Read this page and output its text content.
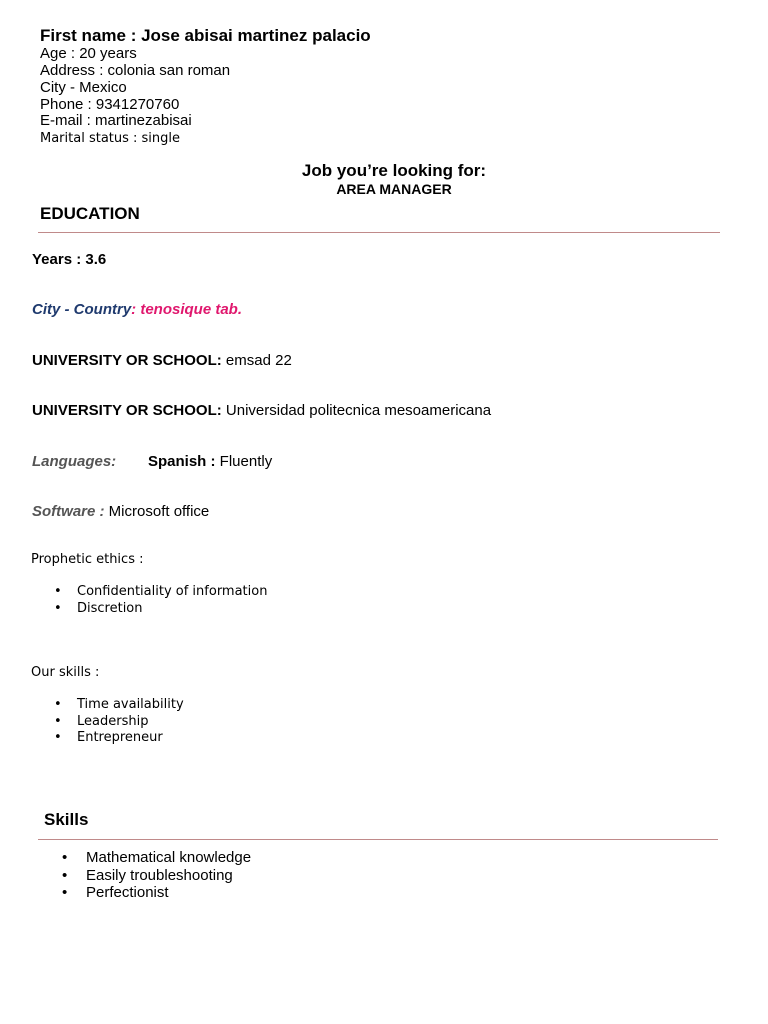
First name : Jose abisai martinez palacio
Age : 20 years
Address : colonia san roman
City - Mexico
Phone : 9341270760
E-mail : martinezabisai
Marital status : single
Job you’re looking for:
AREA MANAGER
EDUCATION
Years : 3.6
City - Country: tenosique tab.
UNIVERSITY OR SCHOOL: emsad 22
UNIVERSITY OR SCHOOL: Universidad politecnica mesoamericana
Languages: Spanish : Fluently
Software : Microsoft office
Prophetic ethics :
• Confidentiality of information
• Discretion
Our skills :
• Time availability
• Leadership
• Entrepreneur
Skills
• Mathematical knowledge
• Easily troubleshooting
• Perfectionist
